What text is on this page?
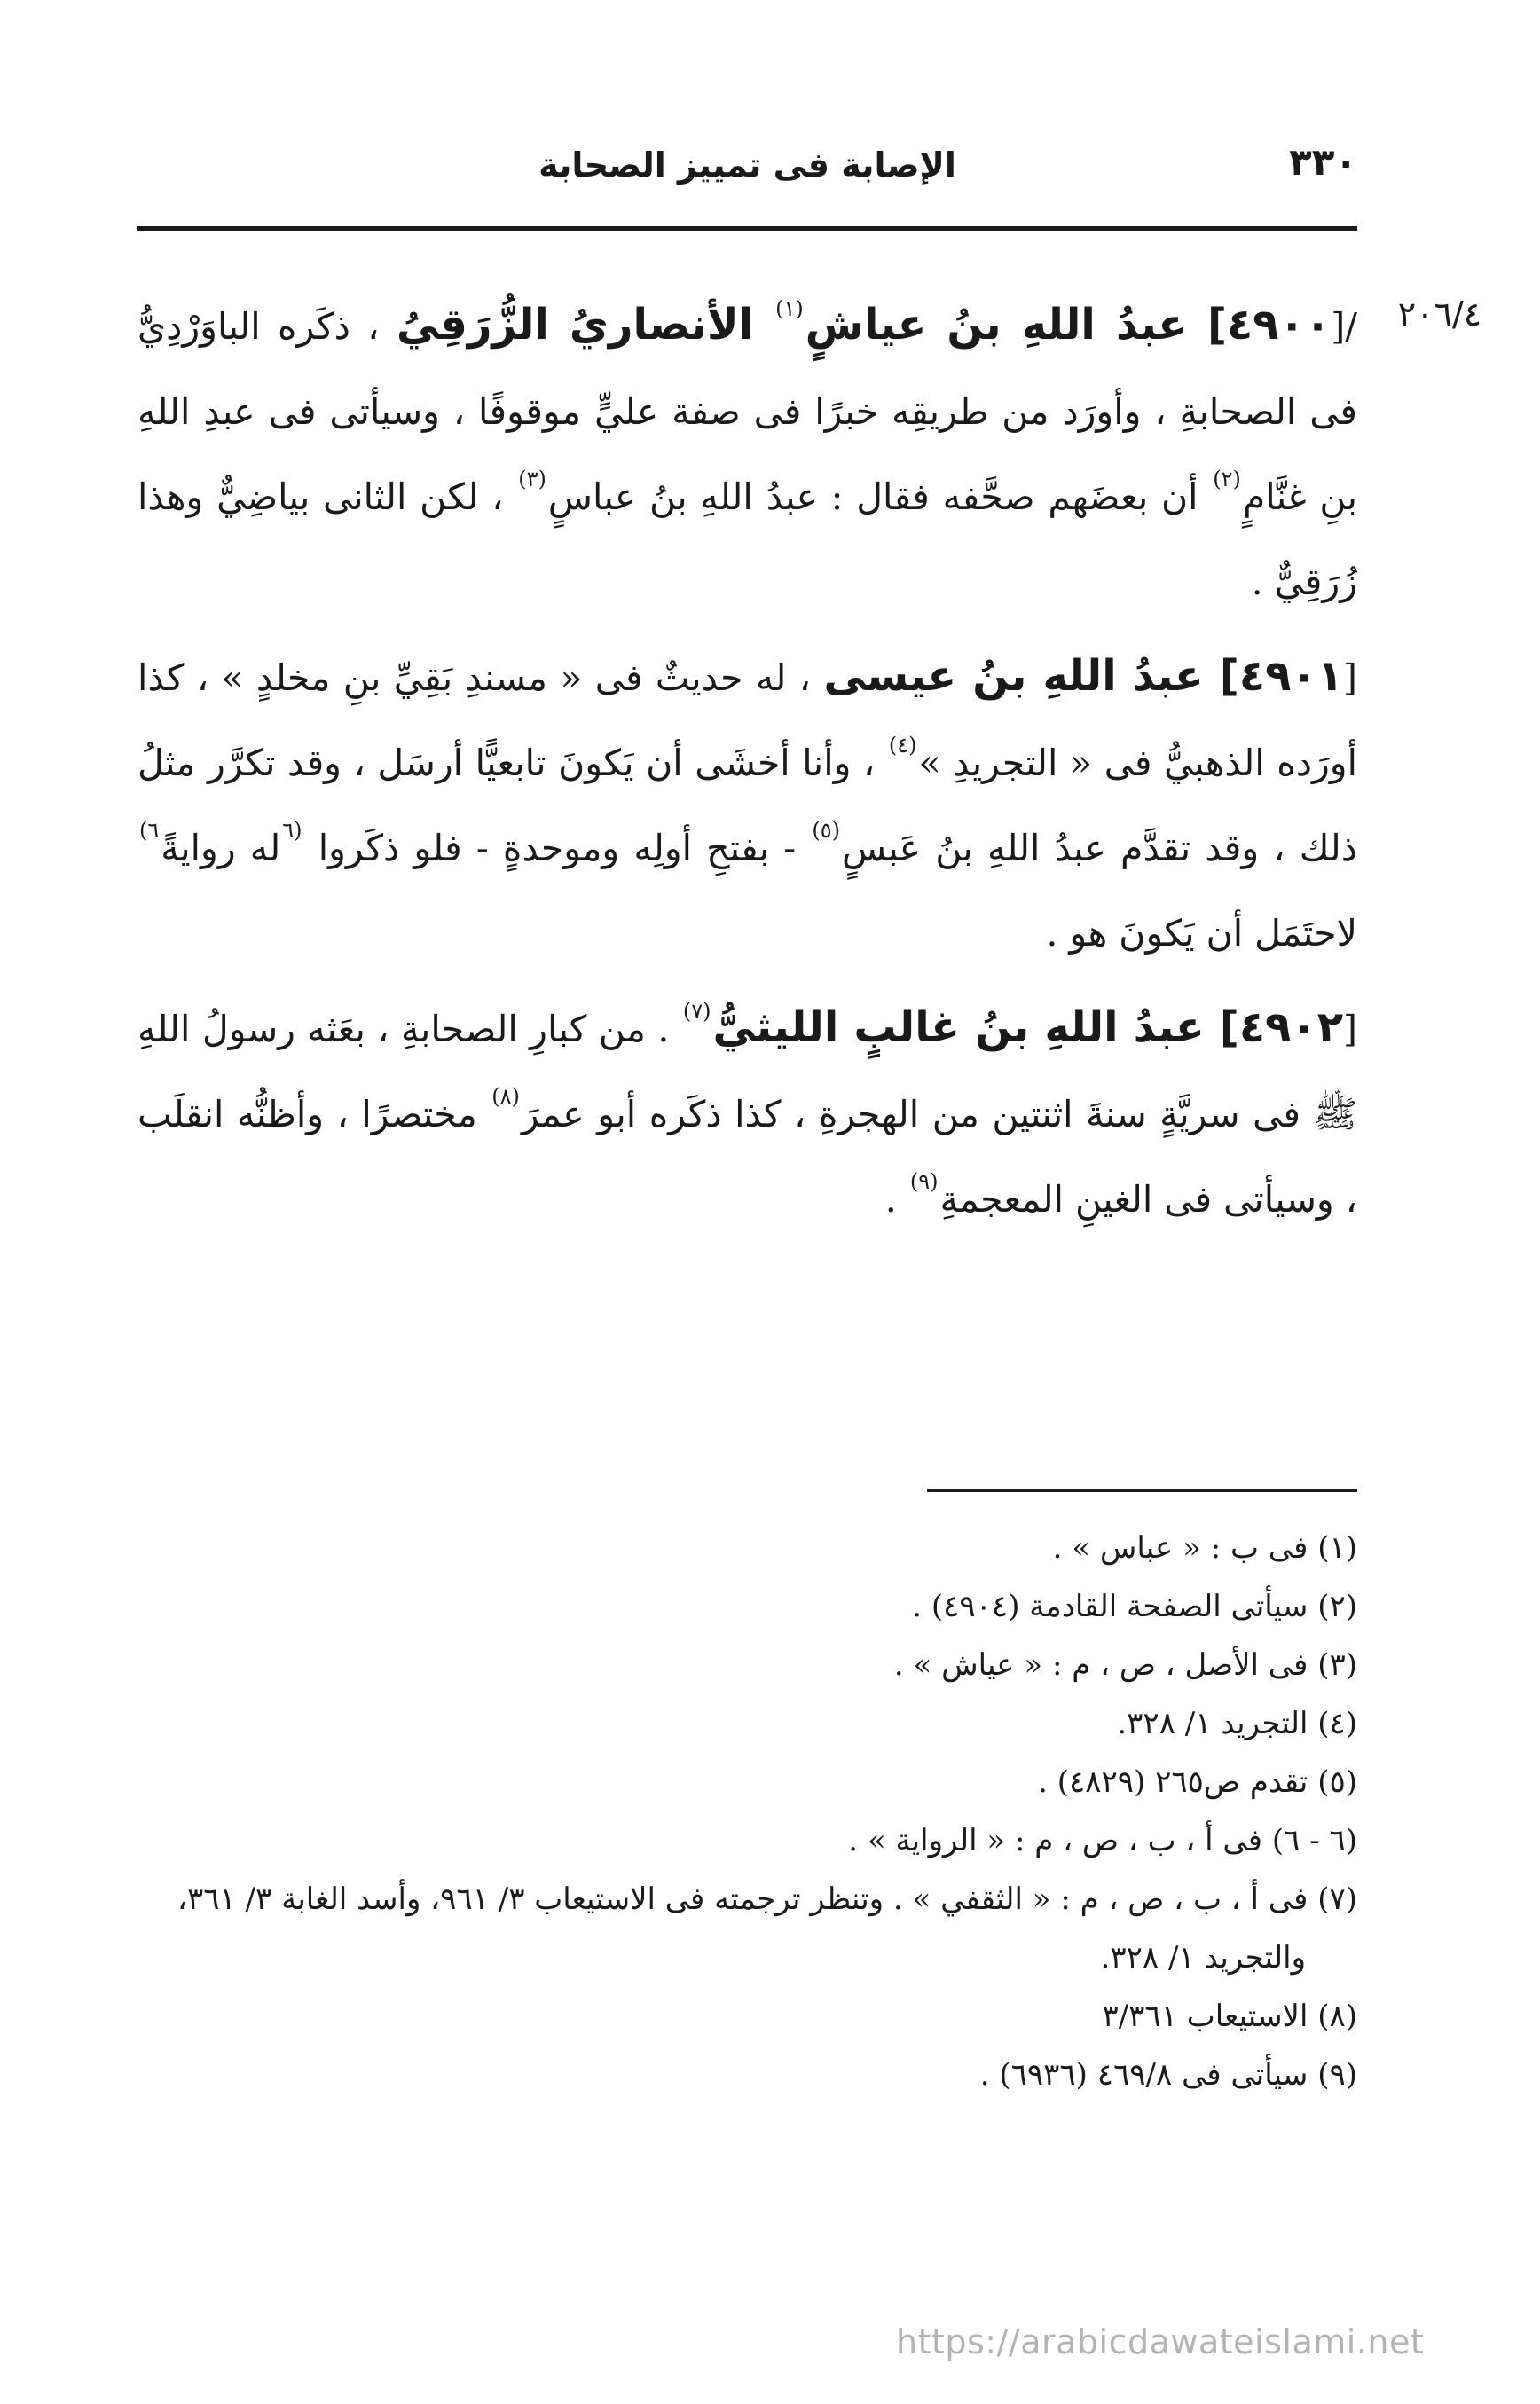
٣٣٠
الإصابة فى تمييز الصحابة
٢٠٦/٤

/[٤٩٠٠] عبدُ اللهِ بنُ عياشٍ$^{(١)}$ الأنصاريُ الزُّرَقِيُ ، ذكَره الباوَرْدِيُّ فى الصحابةِ ، وأورَد من طريقِه خبرًا فى صفة عليٍّ موقوفًا ، وسيأتى فى عبدِ اللهِ بنِ غنَّامٍ$^{(٢)}$ أن بعضَهم صحَّفه فقال : عبدُ اللهِ بنُ عباسٍ$^{(٣)}$ ، لكن الثانى بياضِيٌّ وهذا زُرَقِيٌّ .

[٤٩٠١] عبدُ اللهِ بنُ عيسى ، له حديثٌ فى « مسندِ بَقِيِّ بنِ مخلدٍ » ، كذا أورَده الذهبيُّ فى « التجريدِ »$^{(٤)}$ ، وأنا أخشَى أن يَكونَ تابعيًّا أرسَل ، وقد تكرَّر مثلُ ذلك ، وقد تقدَّم عبدُ اللهِ بنُ عَبسٍ$^{(٥)}$ - بفتحِ أولِه وموحدةٍ - فلو ذكَروا $^{(٦}$له روايةً$^{٦)}$ لاحتَمَل أن يَكونَ هو .

[٤٩٠٢] عبدُ اللهِ بنُ غالبٍ الليثيُّ$^{(٧)}$ . من كبارِ الصحابةِ ، بعَثه رسولُ اللهِ ﷺ فى سريَّةٍ سنةَ اثنتين من الهجرةِ ، كذا ذكَره أبو عمرَ$^{(٨)}$ مختصرًا ، وأظنُّه انقلَب ، وسيأتى فى الغينِ المعجمةِ$^{(٩)}$ .

(١) فى ب : « عباس » .

(٢) سيأتى الصفحة القادمة (٤٩٠٤) .

(٣) فى الأصل ، ص ، م : « عياش » .

(٤) التجريد ١/ ٣٢٨.

(٥) تقدم ص٢٦٥ (٤٨٢٩) .

(٦ - ٦) فى أ ، ب ، ص ، م : « الرواية » .

(٧) فى أ ، ب ، ص ، م : « الثقفي » . وتنظر ترجمته فى الاستيعاب ٣/ ٩٦١، وأسد الغابة ٣/ ٣٦١،

والتجريد ١/ ٣٢٨.

(٨) الاستيعاب ٣/٣٦١

(٩) سيأتى فى ٤٦٩/٨ (٦٩٣٦) .

https://arabicdawateislami.net
